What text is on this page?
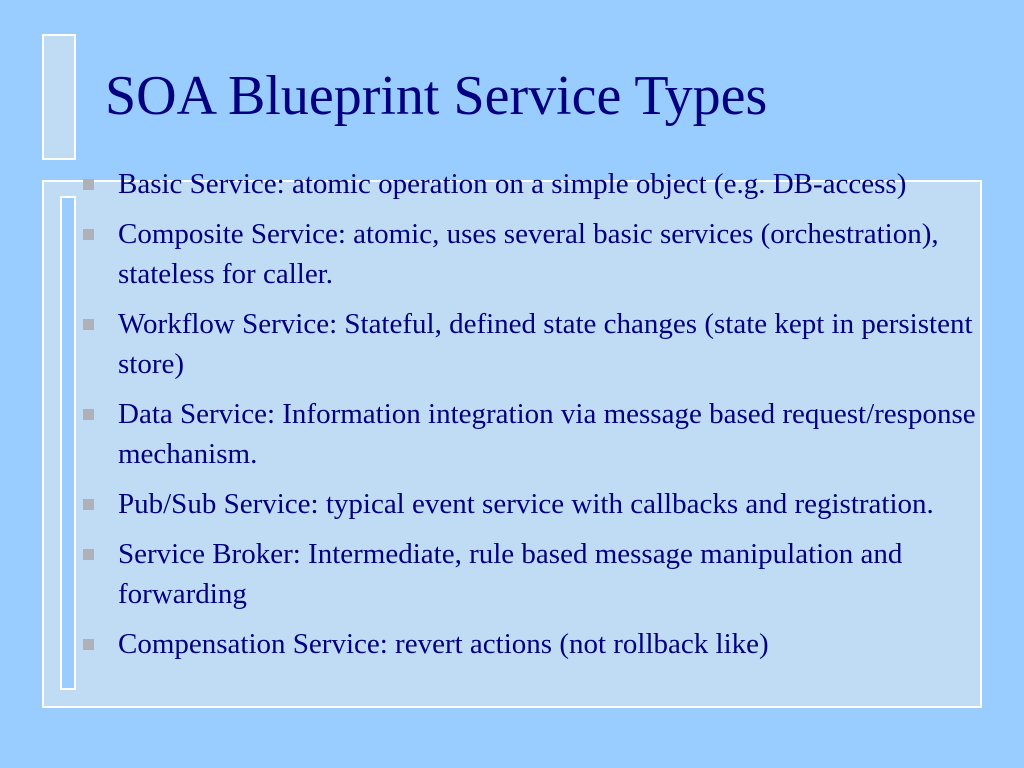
SOA Blueprint Service Types
Basic Service: atomic operation on a simple object (e.g. DB-access)
Composite Service: atomic, uses several basic services (orchestration), stateless for caller.
Workflow Service: Stateful, defined state changes (state kept in persistent store)
Data Service: Information integration via message based request/response mechanism.
Pub/Sub Service: typical event service with callbacks and registration.
Service Broker: Intermediate, rule based message manipulation and forwarding
Compensation Service: revert actions (not rollback like)
